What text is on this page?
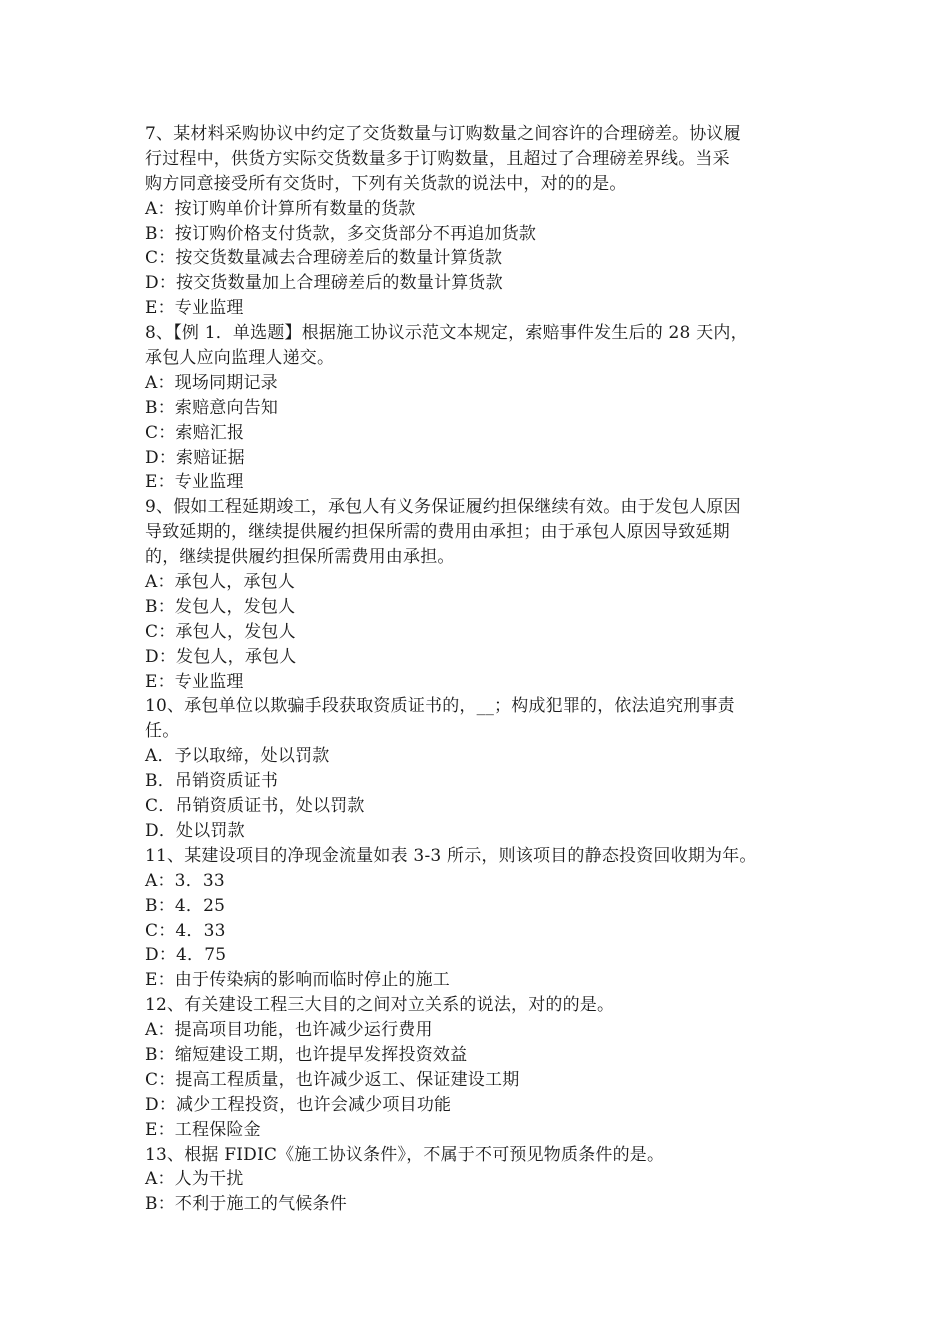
7、某材料采购协议中约定了交货数量与订购数量之间容许的合理磅差。协议履
行过程中，供货方实际交货数量多于订购数量，且超过了合理磅差界线。当采
购方同意接受所有交货时，下列有关货款的说法中，对的的是。
A：按订购单价计算所有数量的货款
B：按订购价格支付货款，多交货部分不再追加货款
C：按交货数量减去合理磅差后的数量计算货款
D：按交货数量加上合理磅差后的数量计算货款
E：专业监理
8、【例 1．单选题】根据施工协议示范文本规定，索赔事件发生后的 28 天内，
承包人应向监理人递交。
A：现场同期记录
B：索赔意向告知
C：索赔汇报
D：索赔证据
E：专业监理
9、假如工程延期竣工，承包人有义务保证履约担保继续有效。由于发包人原因
导致延期的，继续提供履约担保所需的费用由承担；由于承包人原因导致延期
的，继续提供履约担保所需费用由承担。
A：承包人，承包人
B：发包人，发包人
C：承包人，发包人
D：发包人，承包人
E：专业监理
10、承包单位以欺骗手段获取资质证书的，__；构成犯罪的，依法追究刑事责
任。
A．予以取缔，处以罚款
B．吊销资质证书
C．吊销资质证书，处以罚款
D．处以罚款
11、某建设项目的净现金流量如表 3-3 所示，则该项目的静态投资回收期为年。
A：3．33
B：4．25
C：4．33
D：4．75
E：由于传染病的影响而临时停止的施工
12、有关建设工程三大目的之间对立关系的说法，对的的是。
A：提高项目功能，也许减少运行费用
B：缩短建设工期，也许提早发挥投资效益
C：提高工程质量，也许减少返工、保证建设工期
D：减少工程投资，也许会减少项目功能
E：工程保险金
13、根据 FIDIC《施工协议条件》，不属于不可预见物质条件的是。
A：人为干扰
B：不利于施工的气候条件
